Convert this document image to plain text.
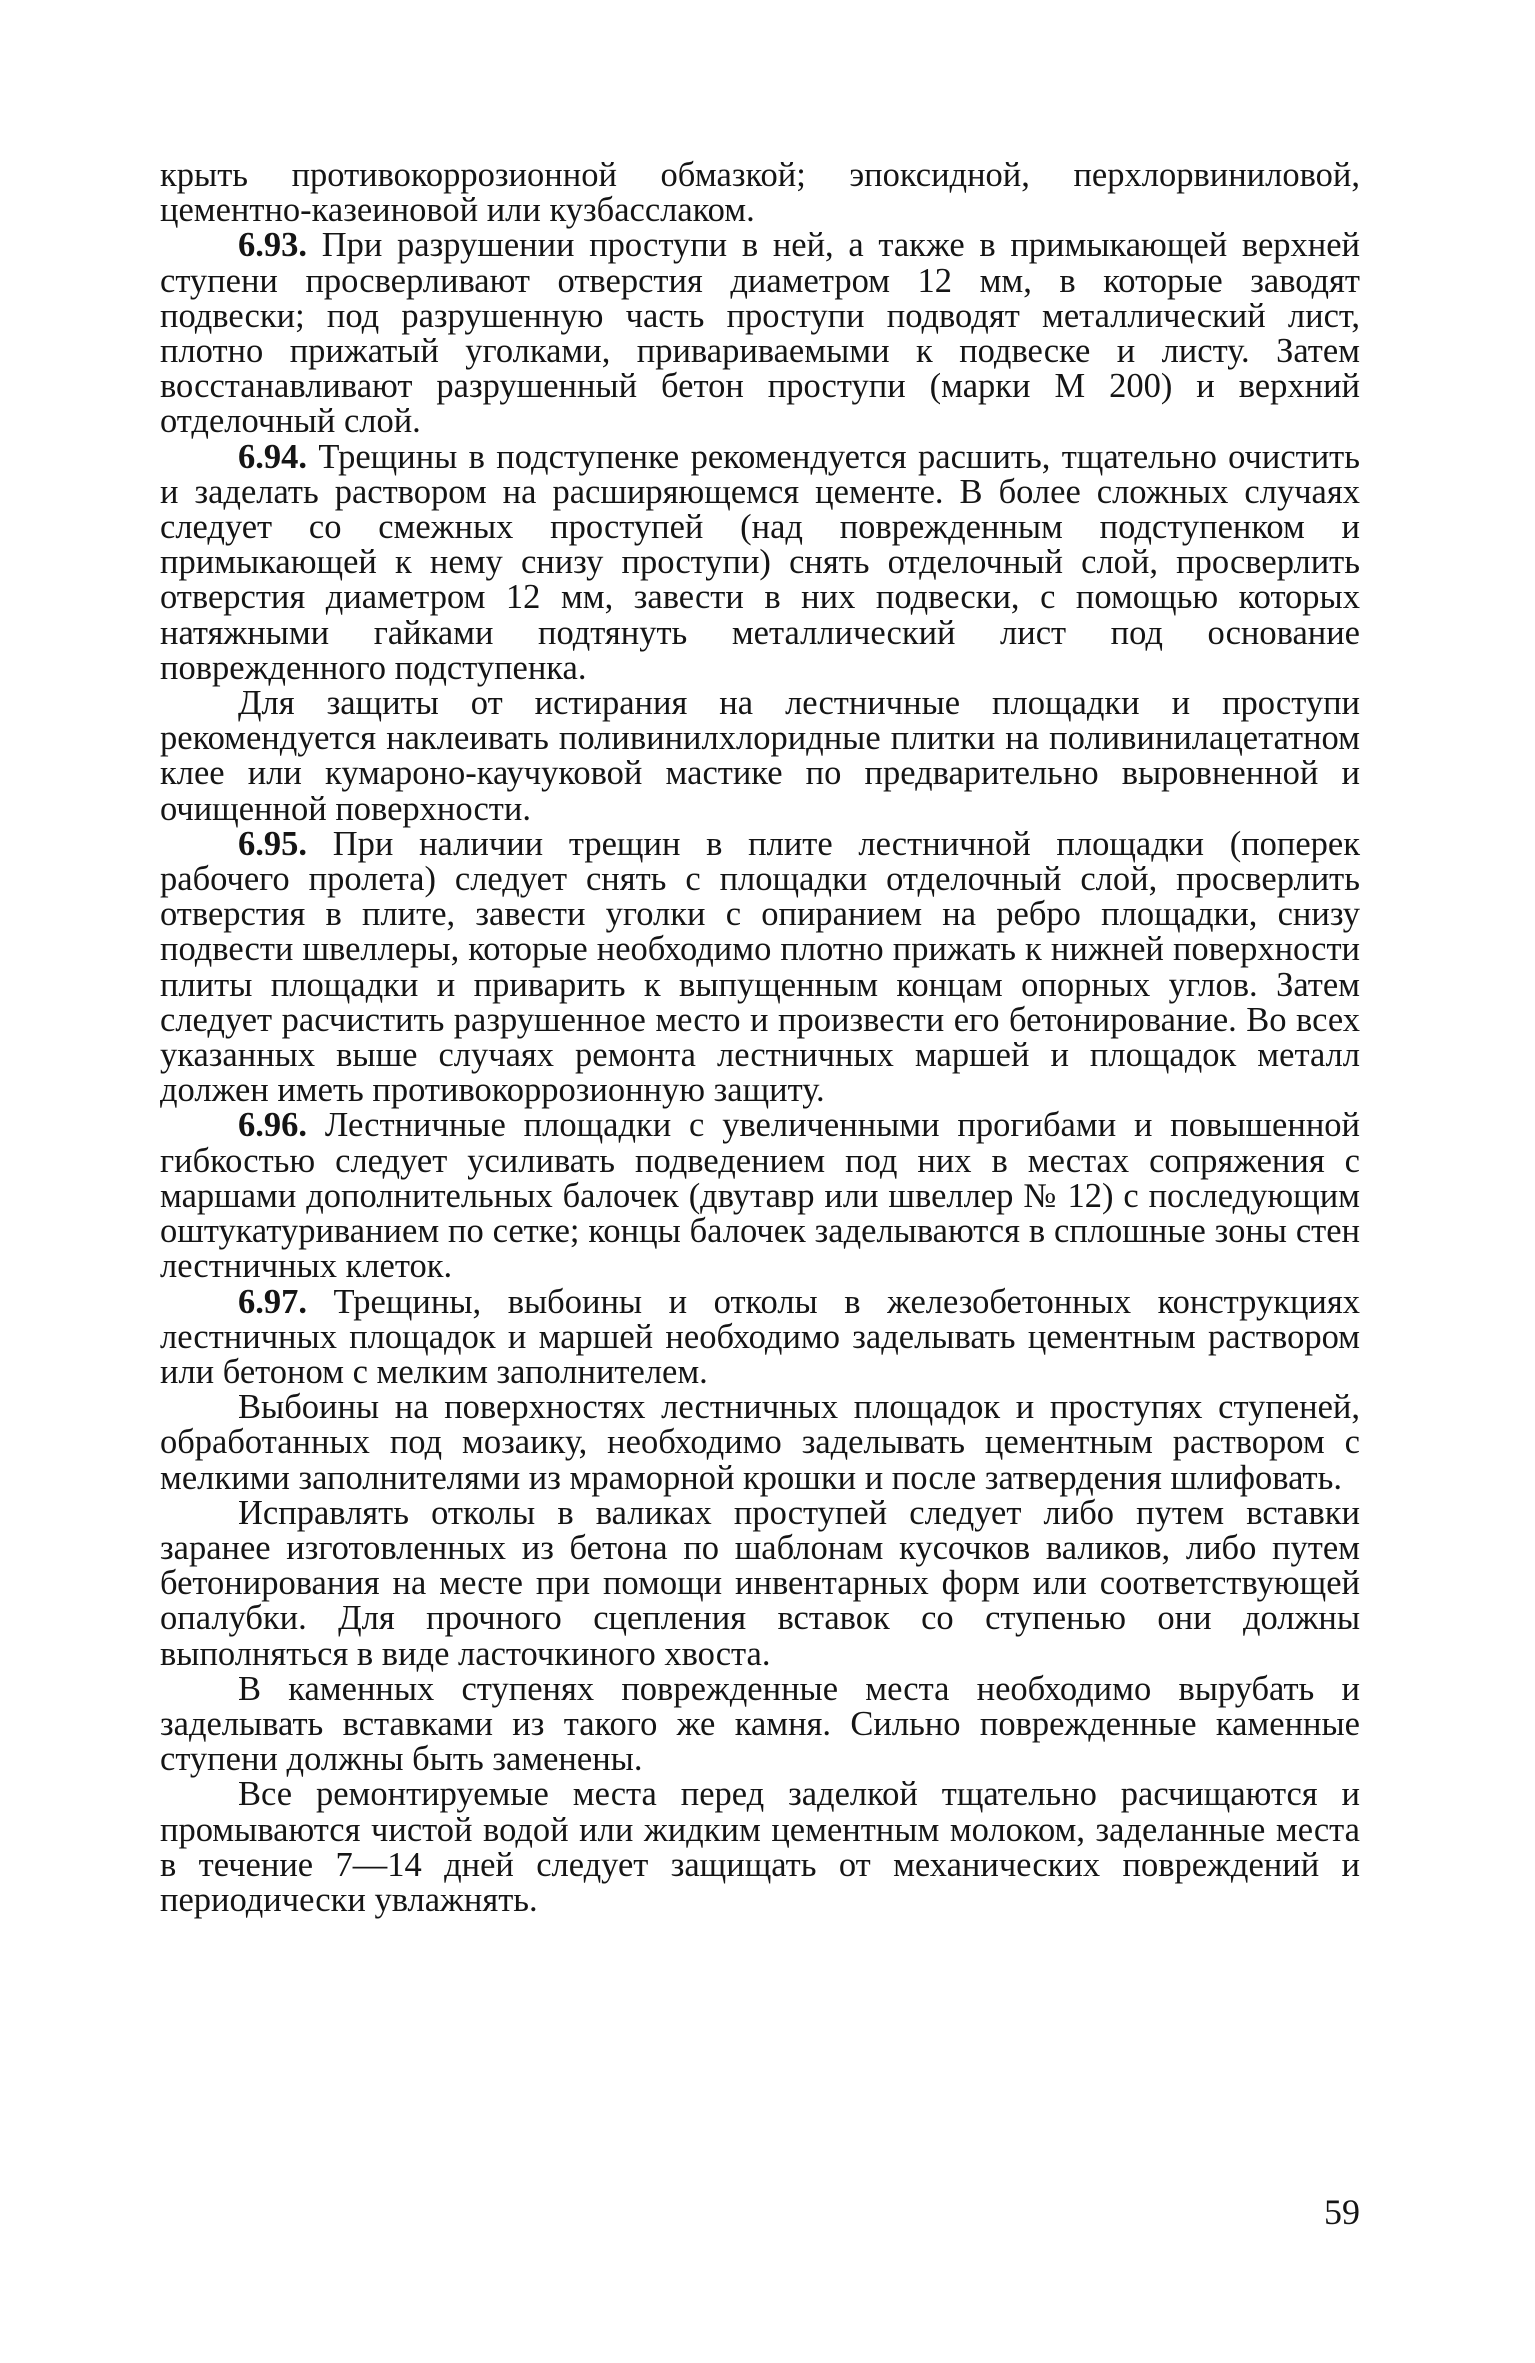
крыть противокоррозионной обмазкой; эпоксидной, перхлорвиниловой, цементно-казеиновой или кузбасслаком.

6.93. При разрушении проступи в ней, а также в примыкающей верхней ступени просверливают отверстия диаметром 12 мм, в которые заводят подвески; под разрушенную часть проступи подводят металлический лист, плотно прижатый уголками, привариваемыми к подвеске и листу. Затем восстанавливают разрушенный бетон проступи (марки М 200) и верхний отделочный слой.

6.94. Трещины в подступенке рекомендуется расшить, тщательно очистить и заделать раствором на расширяющемся цементе. В более сложных случаях следует со смежных проступей (над поврежденным подступенком и примыкающей к нему снизу проступи) снять отделочный слой, просверлить отверстия диаметром 12 мм, завести в них подвески, с помощью которых натяжными гайками подтянуть металлический лист под основание поврежденного подступенка.

Для защиты от истирания на лестничные площадки и проступи рекомендуется наклеивать поливинилхлоридные плитки на поливинилацетатном клее или кумароно-каучуковой мастике по предварительно выровненной и очищенной поверхности.

6.95. При наличии трещин в плите лестничной площадки (поперек рабочего пролета) следует снять с площадки отделочный слой, просверлить отверстия в плите, завести уголки с опиранием на ребро площадки, снизу подвести швеллеры, которые необходимо плотно прижать к нижней поверхности плиты площадки и приварить к выпущенным концам опорных углов. Затем следует расчистить разрушенное место и произвести его бетонирование. Во всех указанных выше случаях ремонта лестничных маршей и площадок металл должен иметь противокоррозионную защиту.

6.96. Лестничные площадки с увеличенными прогибами и повышенной гибкостью следует усиливать подведением под них в местах сопряжения с маршами дополнительных балочек (двутавр или швеллер № 12) с последующим оштукатуриванием по сетке; концы балочек заделываются в сплошные зоны стен лестничных клеток.

6.97. Трещины, выбоины и отколы в железобетонных конструкциях лестничных площадок и маршей необходимо заделывать цементным раствором или бетоном с мелким заполнителем.

Выбоины на поверхностях лестничных площадок и проступях ступеней, обработанных под мозаику, необходимо заделывать цементным раствором с мелкими заполнителями из мраморной крошки и после затвердения шлифовать.

Исправлять отколы в валиках проступей следует либо путем вставки заранее изготовленных из бетона по шаблонам кусочков валиков, либо путем бетонирования на месте при помощи инвентарных форм или соответствующей опалубки. Для прочного сцепления вставок со ступенью они должны выполняться в виде ласточкиного хвоста.

В каменных ступенях поврежденные места необходимо вырубать и заделывать вставками из такого же камня. Сильно поврежденные каменные ступени должны быть заменены.

Все ремонтируемые места перед заделкой тщательно расчищаются и промываются чистой водой или жидким цементным молоком, заделанные места в течение 7—14 дней следует защищать от механических повреждений и периодически увлажнять.

59
